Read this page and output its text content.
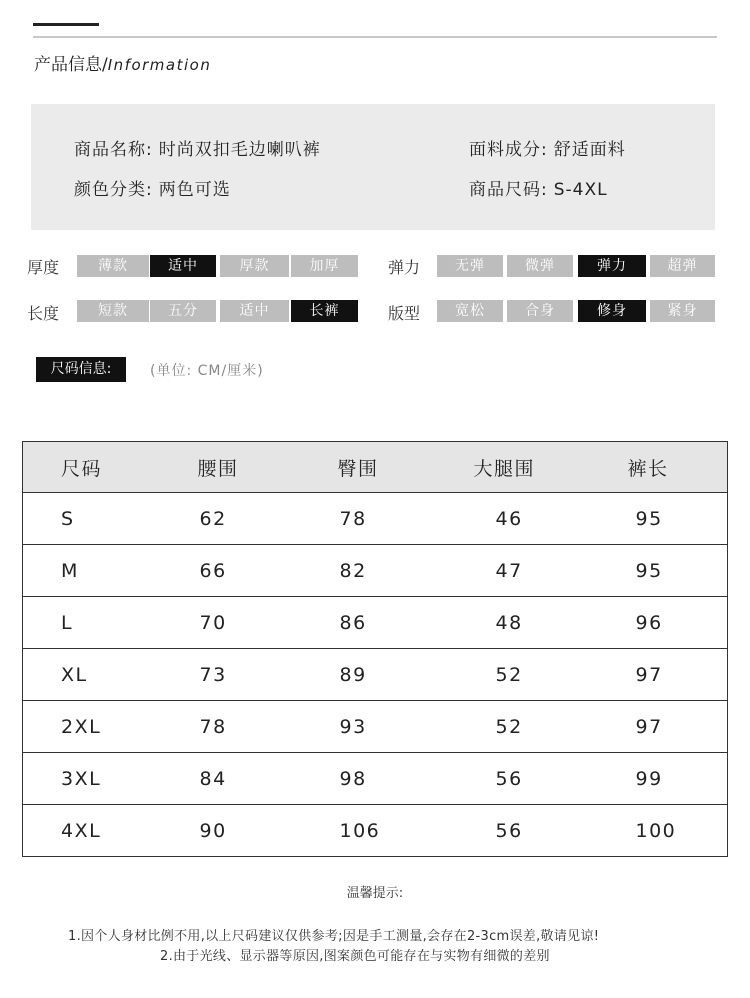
产品信息/Information
商品名称: 时尚双扣毛边喇叭裤	面料成分: 舒适面料
颜色分类: 两色可选	商品尺码: S-4XL
厚度	薄款	适中	厚款	加厚	弹力	无弹	微弹	弹力	超弹
长度	短款	五分	适中	长裤	版型	宽松	合身	修身	紧身
尺码信息:	(单位: CM/厘米)
尺码	腰围	臀围	大腿围	裤长
S	62	78	46	95
M	66	82	47	95
L	70	86	48	96
XL	73	89	52	97
2XL	78	93	52	97
3XL	84	98	56	99
4XL	90	106	56	100
温馨提示:
1.因个人身材比例不用,以上尺码建议仅供参考;因是手工测量,会存在2-3cm误差,敬请见谅!
2.由于光线、显示器等原因,图案颜色可能存在与实物有细微的差别
